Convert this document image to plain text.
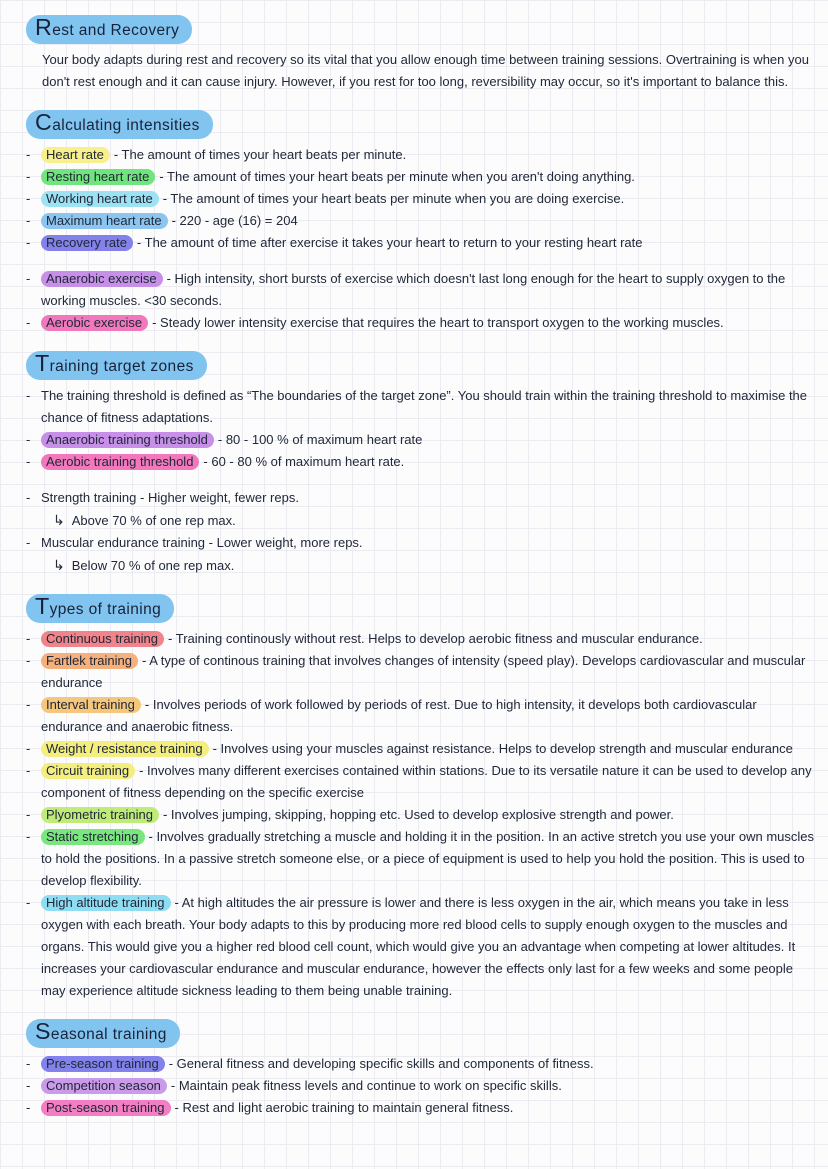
Rest and Recovery

Your body adapts during rest and recovery so its vital that you allow enough time between training sessions. Overtraining is when you don't rest enough and it can cause injury. However, if you rest for too long, reversibility may occur, so it's important to balance this.

Calculating intensities
- Heart rate - The amount of times your heart beats per minute.
- Resting heart rate - The amount of times your heart beats per minute when you aren't doing anything.
- Working heart rate - The amount of times your heart beats per minute when you are doing exercise.
- Maximum heart rate - 220 - age (16) = 204
- Recovery rate - The amount of time after exercise it takes your heart to return to your resting heart rate
- Anaerobic exercise - High intensity, short bursts of exercise which doesn't last long enough for the heart to supply oxygen to the working muscles. <30 seconds.
- Aerobic exercise - Steady lower intensity exercise that requires the heart to transport oxygen to the working muscles.
Training target zones
- The training threshold is defined as “The boundaries of the target zone”. You should train within the training threshold to maximise the chance of fitness adaptations.
- Anaerobic training threshold - 80 - 100 % of maximum heart rate
- Aerobic training threshold - 60 - 80 % of maximum heart rate.
- Strength training - Higher weight, fewer reps.
↳ Above 70 % of one rep max.
- Muscular endurance training - Lower weight, more reps.
↳ Below 70 % of one rep max.
Types of training
- Continuous training - Training continously without rest. Helps to develop aerobic fitness and muscular endurance.
- Fartlek training - A type of continous training that involves changes of intensity (speed play). Develops cardiovascular and muscular endurance
- Interval training - Involves periods of work followed by periods of rest. Due to high intensity, it develops both cardiovascular endurance and anaerobic fitness.
- Weight / resistance training - Involves using your muscles against resistance. Helps to develop strength and muscular endurance
- Circuit training - Involves many different exercises contained within stations. Due to its versatile nature it can be used to develop any component of fitness depending on the specific exercise
- Plyometric training - Involves jumping, skipping, hopping etc. Used to develop explosive strength and power.
- Static stretching - Involves gradually stretching a muscle and holding it in the position. In an active stretch you use your own muscles to hold the positions. In a passive stretch someone else, or a piece of equipment is used to help you hold the position. This is used to develop flexibility.
- High altitude training - At high altitudes the air pressure is lower and there is less oxygen in the air, which means you take in less oxygen with each breath. Your body adapts to this by producing more red blood cells to supply enough oxygen to the muscles and organs. This would give you a higher red blood cell count, which would give you an advantage when competing at lower altitudes. It increases your cardiovascular endurance and muscular endurance, however the effects only last for a few weeks and some people may experience altitude sickness leading to them being unable training.
Seasonal training
- Pre-season training - General fitness and developing specific skills and components of fitness.
- Competition season - Maintain peak fitness levels and continue to work on specific skills.
- Post-season training - Rest and light aerobic training to maintain general fitness.
